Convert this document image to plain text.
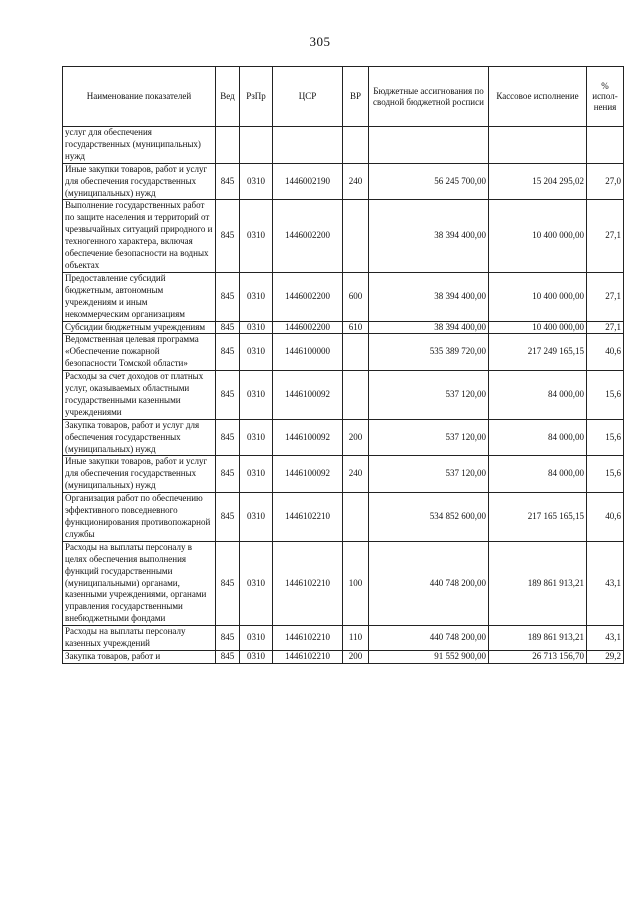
305
Наименование показателей	Вед	РзПр	ЦСР	ВР	Бюджетные ассигнования по сводной бюджетной росписи	Кассовое исполнение	% испол-нения
услуг для обеспечения государственных (муниципальных) нужд							
Иные закупки товаров, работ и услуг для обеспечения государственных (муниципальных) нужд	845	0310	1446002190	240	56 245 700,00	15 204 295,02	27,0
Выполнение государственных работ по защите населения и территорий от чрезвычайных ситуаций природного и техногенного характера, включая обеспечение безопасности на водных объектах	845	0310	1446002200		38 394 400,00	10 400 000,00	27,1
Предоставление субсидий бюджетным, автономным учреждениям и иным некоммерческим организациям	845	0310	1446002200	600	38 394 400,00	10 400 000,00	27,1
Субсидии бюджетным учреждениям	845	0310	1446002200	610	38 394 400,00	10 400 000,00	27,1
Ведомственная целевая программа «Обеспечение пожарной безопасности Томской области»	845	0310	1446100000		535 389 720,00	217 249 165,15	40,6
Расходы за счет доходов от платных услуг, оказываемых областными государственными казенными учреждениями	845	0310	1446100092		537 120,00	84 000,00	15,6
Закупка товаров, работ и услуг для обеспечения государственных (муниципальных) нужд	845	0310	1446100092	200	537 120,00	84 000,00	15,6
Иные закупки товаров, работ и услуг для обеспечения государственных (муниципальных) нужд	845	0310	1446100092	240	537 120,00	84 000,00	15,6
Организация работ по обеспечению эффективного повседневного функционирования противопожарной службы	845	0310	1446102210		534 852 600,00	217 165 165,15	40,6
Расходы на выплаты персоналу в целях обеспечения выполнения функций государственными (муниципальными) органами, казенными учреждениями, органами управления государственными внебюджетными фондами	845	0310	1446102210	100	440 748 200,00	189 861 913,21	43,1
Расходы на выплаты персоналу казенных учреждений	845	0310	1446102210	110	440 748 200,00	189 861 913,21	43,1
Закупка товаров, работ и	845	0310	1446102210	200	91 552 900,00	26 713 156,70	29,2
